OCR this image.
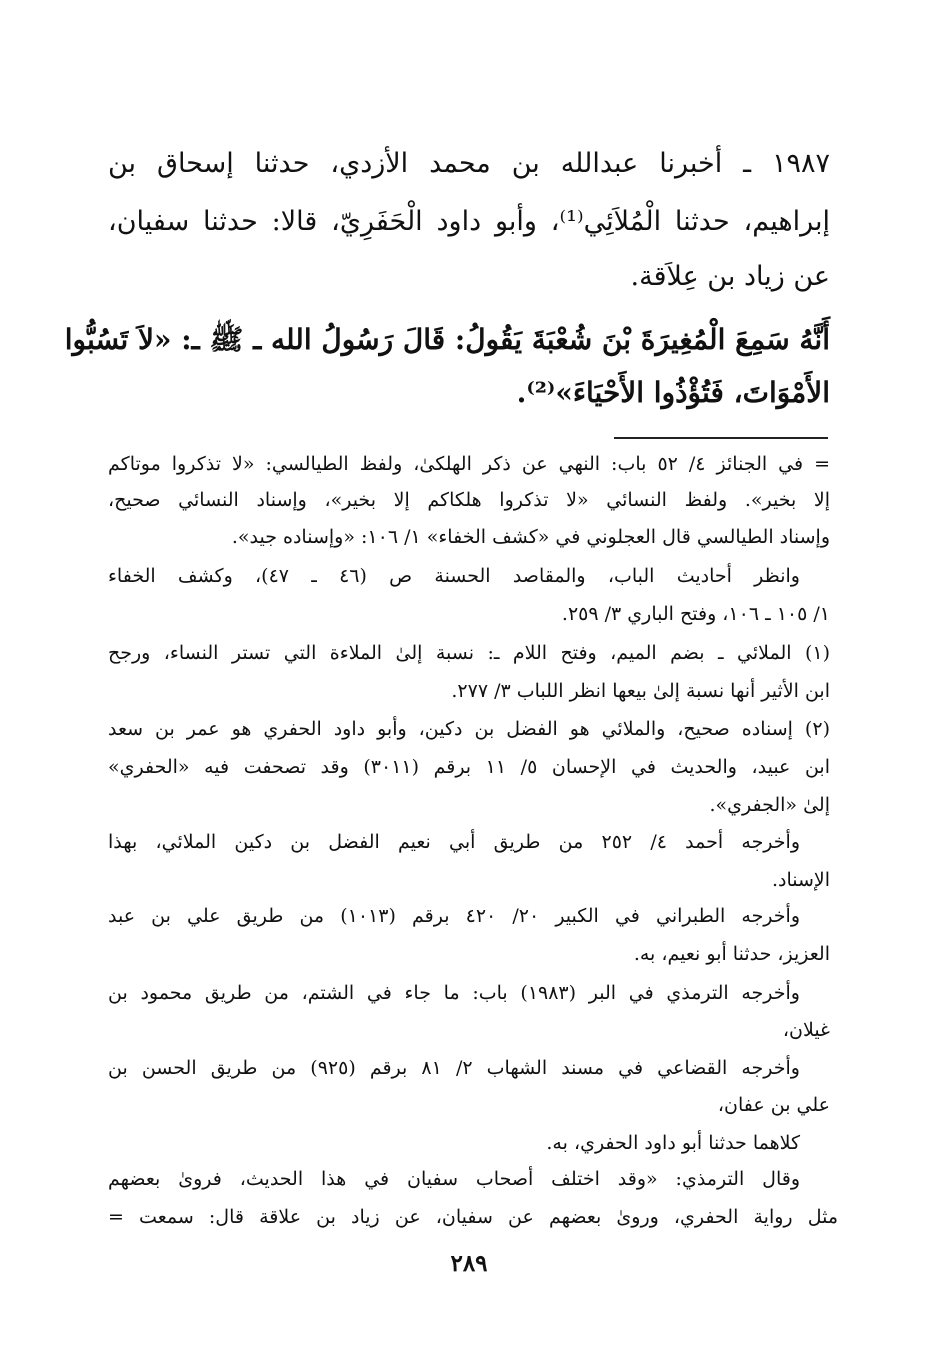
١٩٨٧ ـ أخبرنا عبدالله بن محمد الأزدي، حدثنا إسحاق بن
إبراهيم، حدثنا الْمُلاَئِي⁽¹⁾، وأبو داود الْحَفَرِيّ، قالا: حدثنا سفيان،
عن زياد بن عِلاَقة.
أَنَّهُ سَمِعَ الْمُغِيرَةَ بْنَ شُعْبَةَ يَقُولُ: قَالَ رَسُولُ الله ـ ﷺ ـ: «لاَ تَسُبُّوا
الأَمْوَاتَ، فَتُؤْذُوا الأَحْيَاءَ»⁽²⁾.
= في الجنائز ٤/ ٥٢ باب: النهي عن ذكر الهلكىٰ، ولفظ الطيالسي: «لا تذكروا موتاكم
إلا بخير». ولفظ النسائي «لا تذكروا هلكاكم إلا بخير»، وإسناد النسائي صحيح،
وإسناد الطيالسي قال العجلوني في «كشف الخفاء» ١/ ١٠٦: «وإسناده جيد».
وانظر أحاديث الباب، والمقاصد الحسنة ص (٤٦ ـ ٤٧)، وكشف الخفاء
١/ ١٠٥ ـ ١٠٦، وفتح الباري ٣/ ٢٥٩.
(١) الملائي ـ بضم الميم، وفتح اللام ـ: نسبة إلىٰ الملاءة التي تستر النساء، ورجح
ابن الأثير أنها نسبة إلىٰ بيعها انظر اللباب ٣/ ٢٧٧.
(٢) إسناده صحيح، والملائي هو الفضل بن دكين، وأبو داود الحفري هو عمر بن سعد
ابن عبيد، والحديث في الإحسان ٥/ ١١ برقم (٣٠١١) وقد تصحفت فيه «الحفري»
إلىٰ «الجفري».
وأخرجه أحمد ٤/ ٢٥٢ من طريق أبي نعيم الفضل بن دكين الملائي، بهذا
الإسناد.
وأخرجه الطبراني في الكبير ٢٠/ ٤٢٠ برقم (١٠١٣) من طريق علي بن عبد
العزيز، حدثنا أبو نعيم، به.
وأخرجه الترمذي في البر (١٩٨٣) باب: ما جاء في الشتم، من طريق محمود بن
غيلان،
وأخرجه القضاعي في مسند الشهاب ٢/ ٨١ برقم (٩٢٥) من طريق الحسن بن
علي بن عفان،
كلاهما حدثنا أبو داود الحفري، به.
وقال الترمذي: «وقد اختلف أصحاب سفيان في هذا الحديث، فروىٰ بعضهم
مثل رواية الحفري، ورویٰ بعضهم عن سفيان، عن زياد بن علاقة قال: سمعت =
٢٨٩
